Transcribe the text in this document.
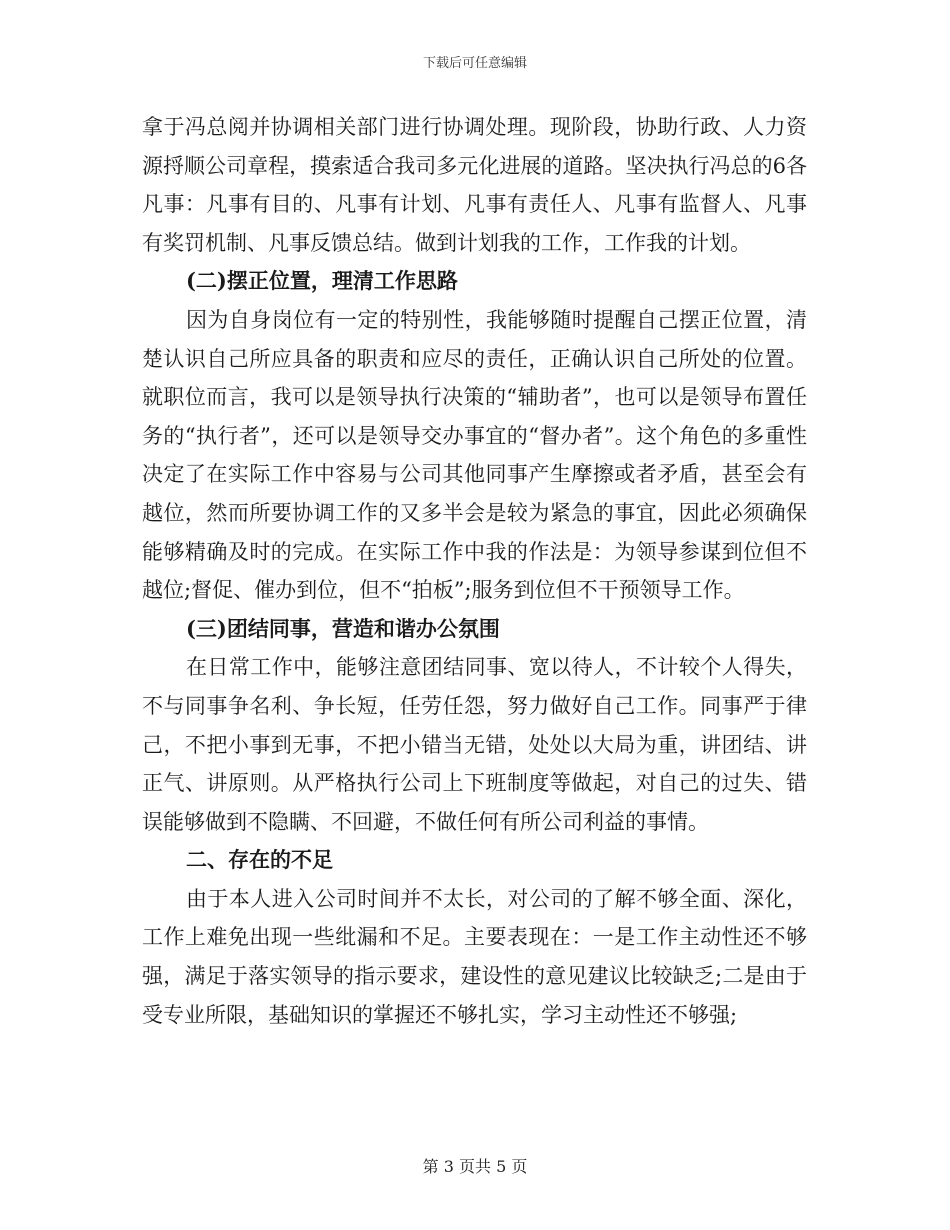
下载后可任意编辑

拿于冯总阅并协调相关部门进行协调处理。现阶段，协助行政、人力资源捋顺公司章程，摸索适合我司多元化进展的道路。坚决执行冯总的6各凡事：凡事有目的、凡事有计划、凡事有责任人、凡事有监督人、凡事有奖罚机制、凡事反馈总结。做到计划我的工作，工作我的计划。

(二)摆正位置，理清工作思路

因为自身岗位有一定的特别性，我能够随时提醒自己摆正位置，清楚认识自己所应具备的职责和应尽的责任，正确认识自己所处的位置。就职位而言，我可以是领导执行决策的“辅助者”，也可以是领导布置任务的“执行者”，还可以是领导交办事宜的“督办者”。这个角色的多重性决定了在实际工作中容易与公司其他同事产生摩擦或者矛盾，甚至会有越位，然而所要协调工作的又多半会是较为紧急的事宜，因此必须确保能够精确及时的完成。在实际工作中我的作法是：为领导参谋到位但不越位;督促、催办到位，但不“拍板”;服务到位但不干预领导工作。

(三)团结同事，营造和谐办公氛围

在日常工作中，能够注意团结同事、宽以待人，不计较个人得失，不与同事争名利、争长短，任劳任怨，努力做好自己工作。同事严于律己，不把小事到无事，不把小错当无错，处处以大局为重，讲团结、讲正气、讲原则。从严格执行公司上下班制度等做起，对自己的过失、错误能够做到不隐瞒、不回避，不做任何有所公司利益的事情。

二、存在的不足

由于本人进入公司时间并不太长，对公司的了解不够全面、深化，工作上难免出现一些纰漏和不足。主要表现在：一是工作主动性还不够强，满足于落实领导的指示要求，建设性的意见建议比较缺乏;二是由于受专业所限，基础知识的掌握还不够扎实，学习主动性还不够强;

第 3 页共 5 页
